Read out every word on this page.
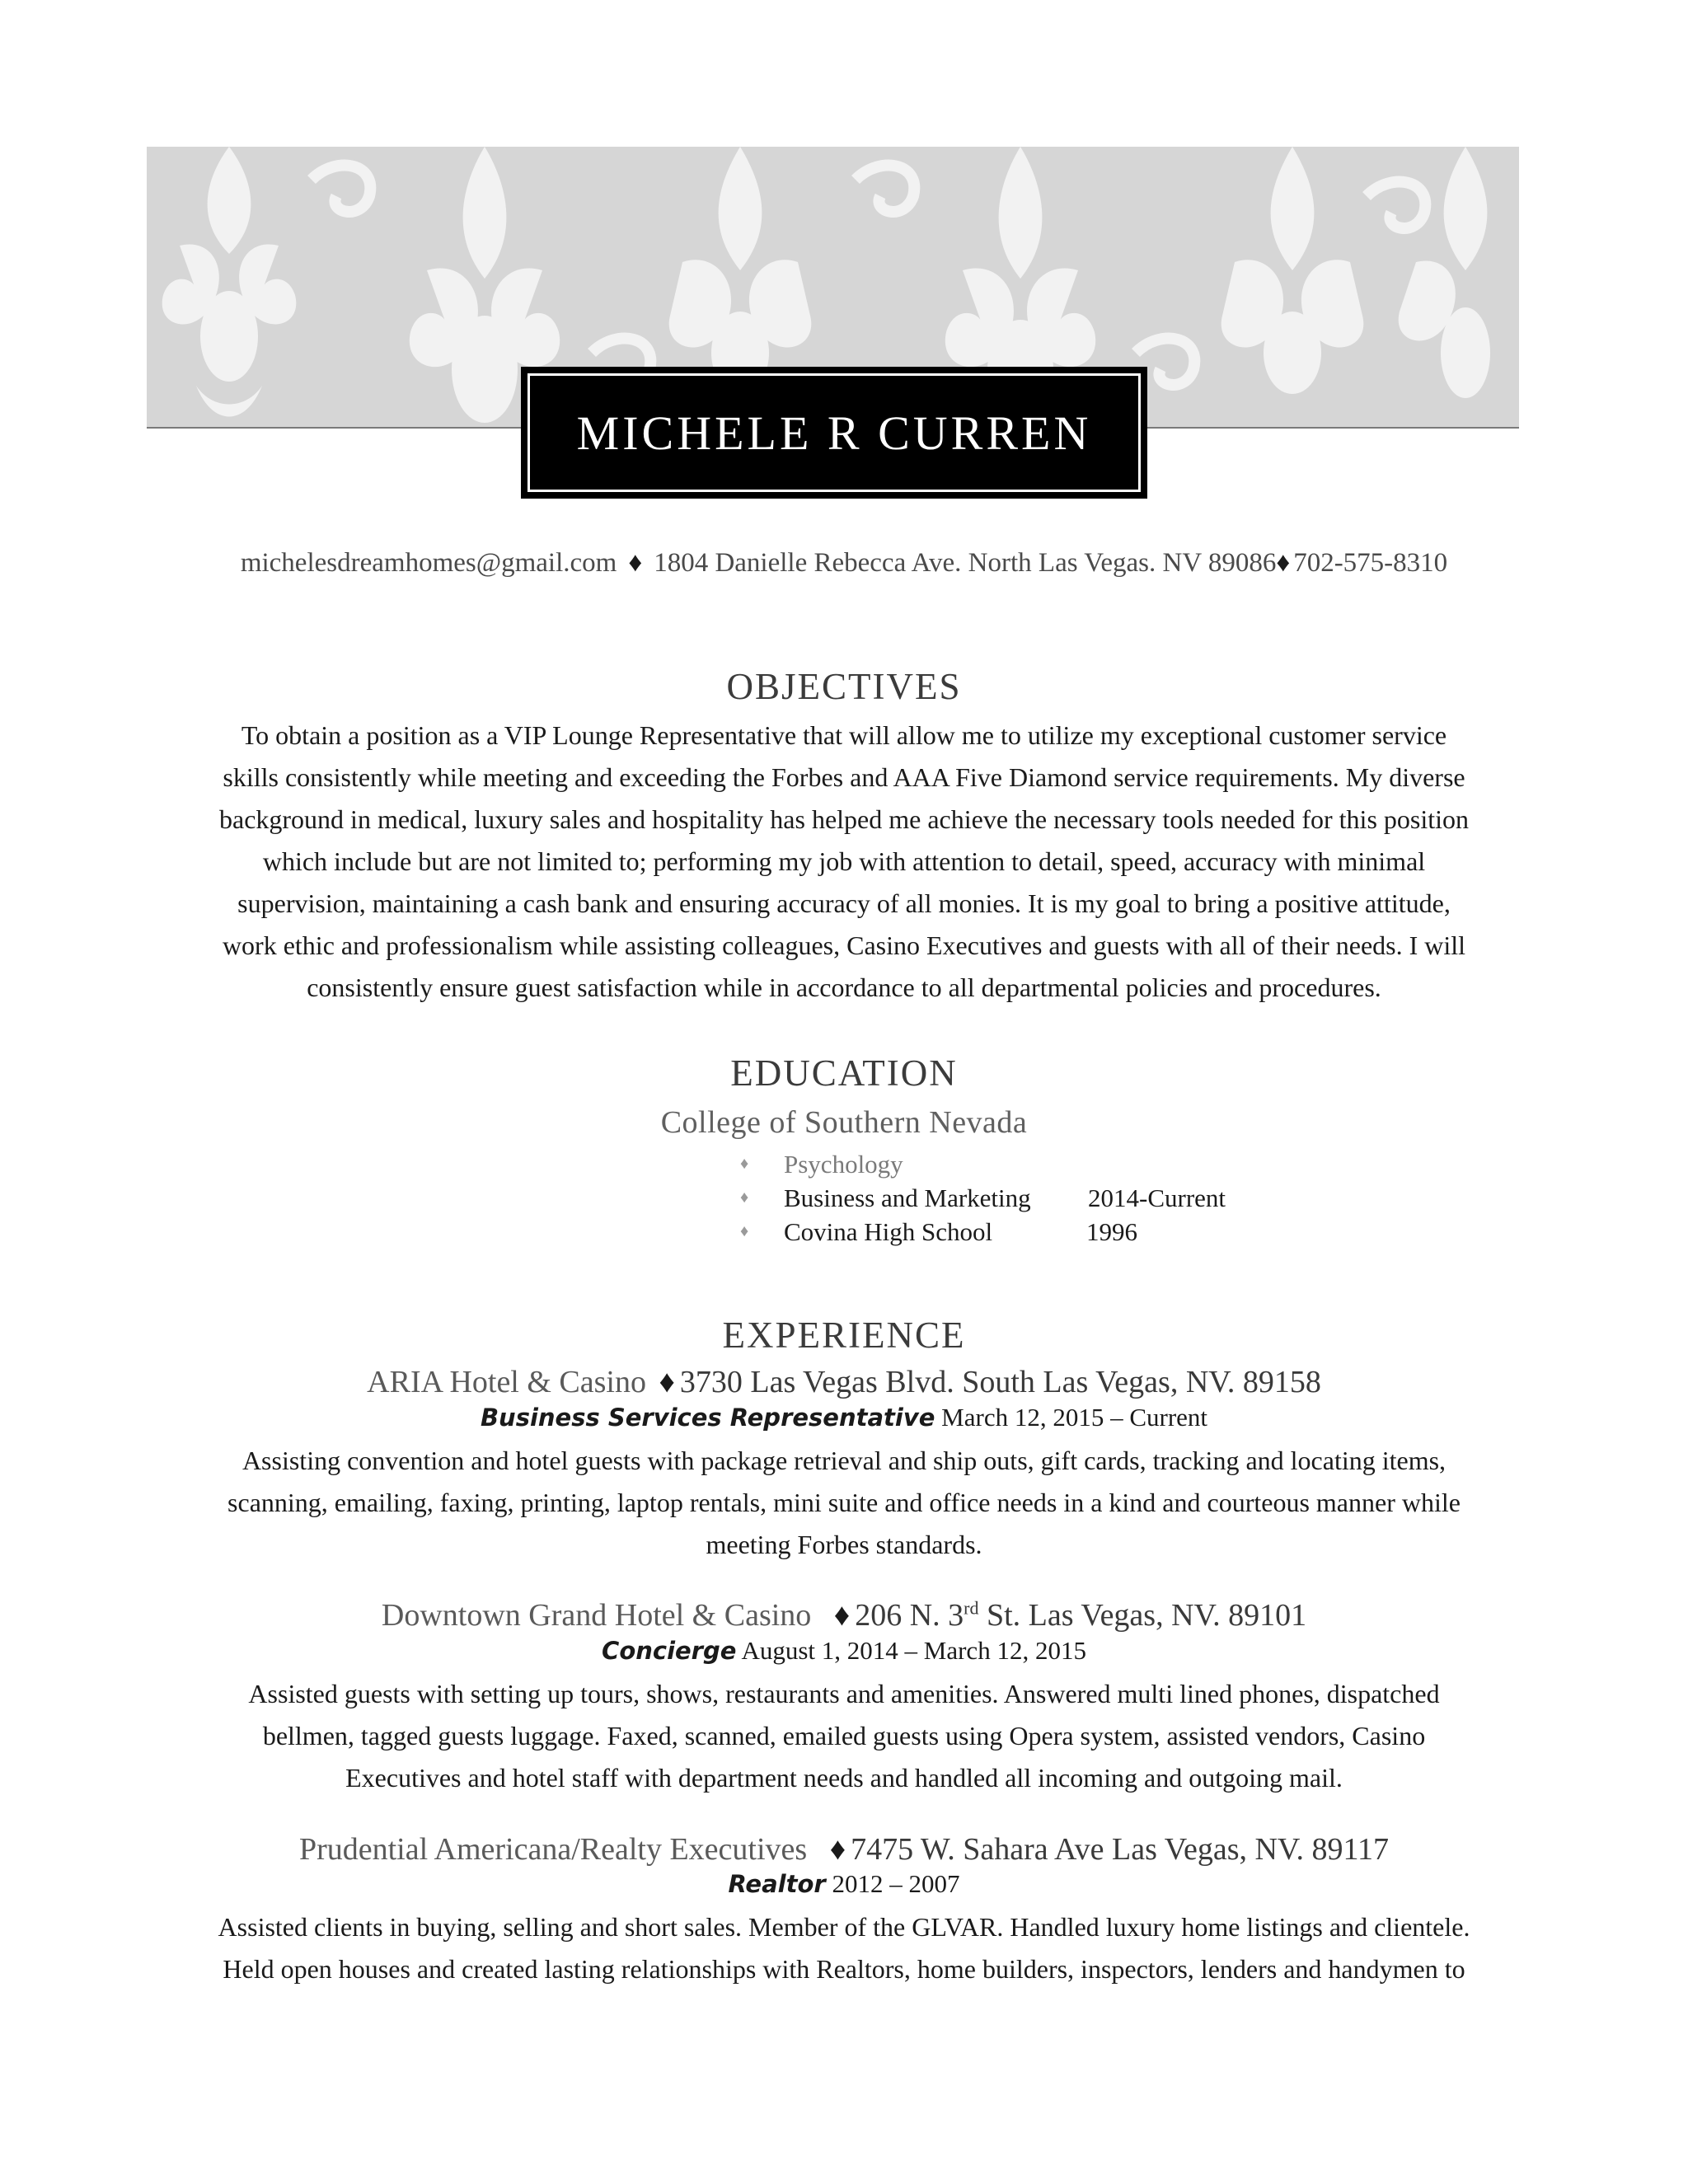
MICHELE R CURREN
michelesdreamhomes@gmail.com ♦ 1804 Danielle Rebecca Ave. North Las Vegas. NV 89086♦ 702-575-8310
OBJECTIVES
To obtain a position as a VIP Lounge Representative that will allow me to utilize my exceptional customer service
skills consistently while meeting and exceeding the Forbes and AAA Five Diamond service requirements. My diverse
background in medical, luxury sales and hospitality has helped me achieve the necessary tools needed for this position
which include but are not limited to; performing my job with attention to detail, speed, accuracy with minimal
supervision, maintaining a cash bank and ensuring accuracy of all monies. It is my goal to bring a positive attitude,
work ethic and professionalism while assisting colleagues, Casino Executives and guests with all of their needs. I will
consistently ensure guest satisfaction while in accordance to all departmental policies and procedures.
EDUCATION
College of Southern Nevada
♦ Psychology
♦ Business and Marketing 2014-Current
♦ Covina High School	1996
EXPERIENCE
ARIA Hotel & Casino ♦ 3730 Las Vegas Blvd. South Las Vegas, NV. 89158
Business Services Representative March 12, 2015 – Current
Assisting convention and hotel guests with package retrieval and ship outs, gift cards, tracking and locating items,
scanning, emailing, faxing, printing, laptop rentals, mini suite and office needs in a kind and courteous manner while
meeting Forbes standards.
Downtown Grand Hotel & Casino ♦ 206 N. 3rd St. Las Vegas, NV. 89101
Concierge August 1, 2014 – March 12, 2015
Assisted guests with setting up tours, shows, restaurants and amenities. Answered multi lined phones, dispatched
bellmen, tagged guests luggage. Faxed, scanned, emailed guests using Opera system, assisted vendors, Casino
Executives and hotel staff with department needs and handled all incoming and outgoing mail.
Prudential Americana/Realty Executives ♦ 7475 W. Sahara Ave Las Vegas, NV. 89117
Realtor 2012 – 2007
Assisted clients in buying, selling and short sales. Member of the GLVAR. Handled luxury home listings and clientele.
Held open houses and created lasting relationships with Realtors, home builders, inspectors, lenders and handymen to
